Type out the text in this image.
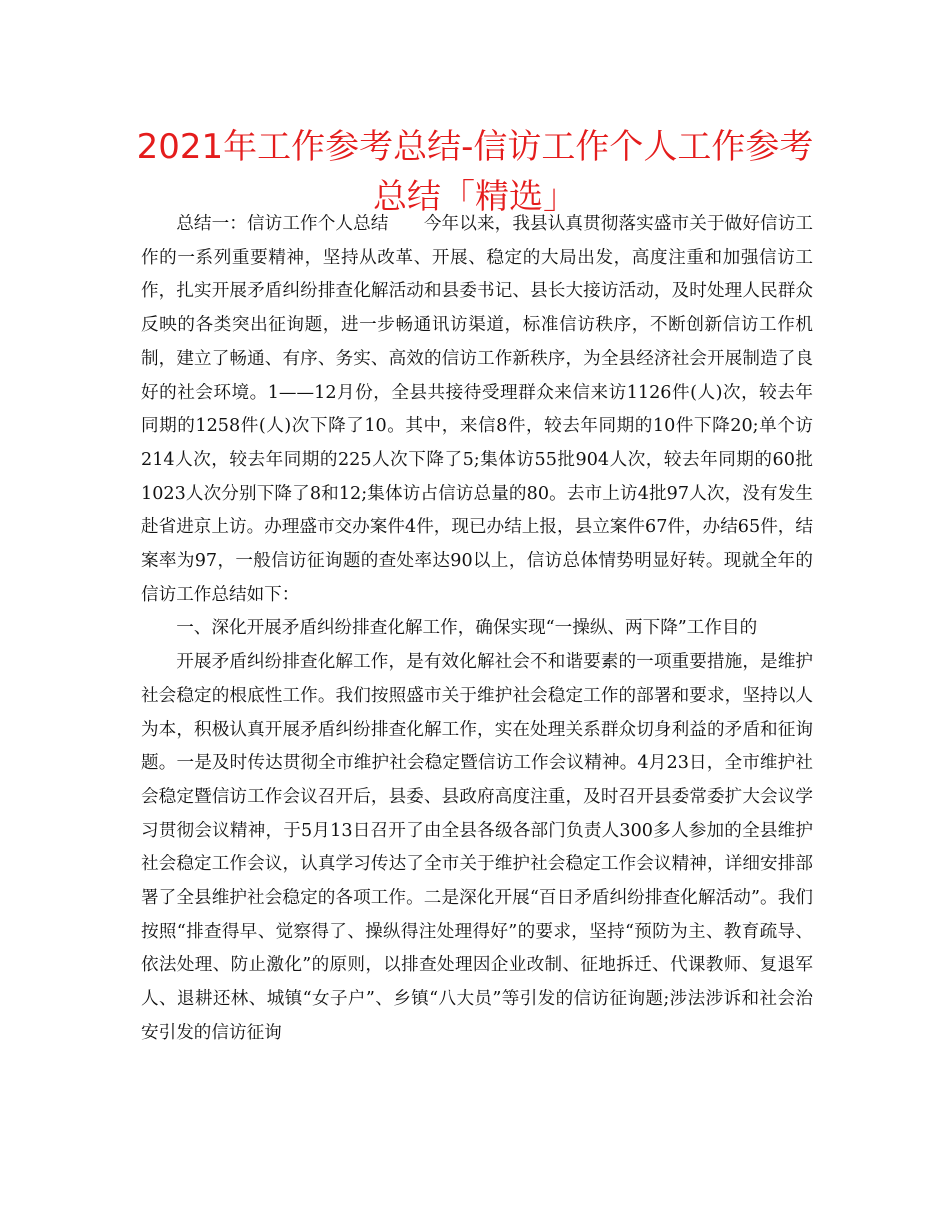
2021年工作参考总结-信访工作个人工作参考总结「精选」

总结一：信访工作个人总结　　今年以来，我县认真贯彻落实盛市关于做好信访工作的一系列重要精神，坚持从改革、开展、稳定的大局出发，高度注重和加强信访工作，扎实开展矛盾纠纷排查化解活动和县委书记、县长大接访活动，及时处理人民群众反映的各类突出征询题，进一步畅通讯访渠道，标准信访秩序，不断创新信访工作机制，建立了畅通、有序、务实、高效的信访工作新秩序，为全县经济社会开展制造了良好的社会环境。1——12月份，全县共接待受理群众来信来访1126件(人)次，较去年同期的1258件(人)次下降了10。其中，来信8件，较去年同期的10件下降20;单个访214人次，较去年同期的225人次下降了5;集体访55批904人次，较去年同期的60批1023人次分别下降了8和12;集体访占信访总量的80。去市上访4批97人次，没有发生赴省进京上访。办理盛市交办案件4件，现已办结上报，县立案件67件，办结65件，结案率为97，一般信访征询题的查处率达90以上，信访总体情势明显好转。现就全年的信访工作总结如下：

一、深化开展矛盾纠纷排查化解工作，确保实现“一操纵、两下降”工作目的

开展矛盾纠纷排查化解工作，是有效化解社会不和谐要素的一项重要措施，是维护社会稳定的根底性工作。我们按照盛市关于维护社会稳定工作的部署和要求，坚持以人为本，积极认真开展矛盾纠纷排查化解工作，实在处理关系群众切身利益的矛盾和征询题。一是及时传达贯彻全市维护社会稳定暨信访工作会议精神。4月23日，全市维护社会稳定暨信访工作会议召开后，县委、县政府高度注重，及时召开县委常委扩大会议学习贯彻会议精神，于5月13日召开了由全县各级各部门负责人300多人参加的全县维护社会稳定工作会议，认真学习传达了全市关于维护社会稳定工作会议精神，详细安排部署了全县维护社会稳定的各项工作。二是深化开展“百日矛盾纠纷排查化解活动”。我们按照“排查得早、觉察得了、操纵得注处理得好”的要求，坚持“预防为主、教育疏导、依法处理、防止激化”的原则，以排查处理因企业改制、征地拆迁、代课教师、复退军人、退耕还林、城镇“女子户”、乡镇“八大员”等引发的信访征询题;涉法涉诉和社会治安引发的信访征询
